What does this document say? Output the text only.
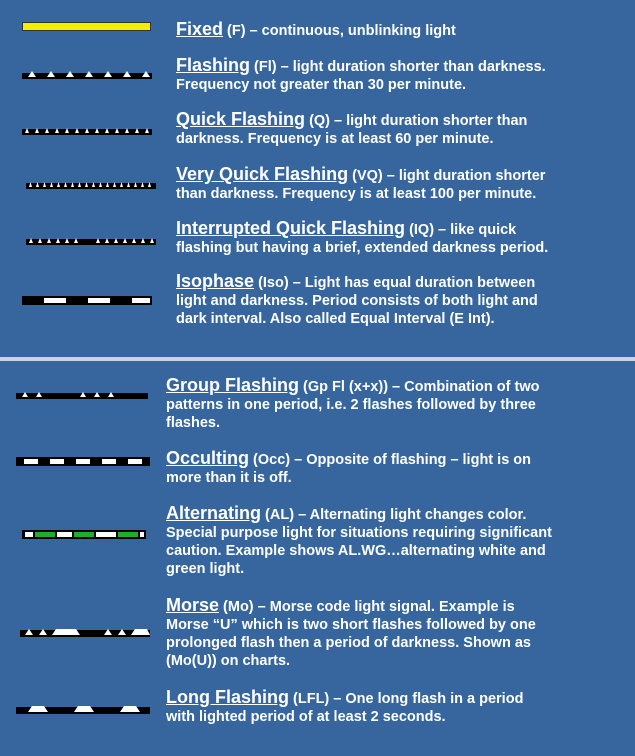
Fixed (F) – continuous, unblinking light
Flashing (Fl) – light duration shorter than darkness.
Frequency not greater than 30 per minute.
Quick Flashing (Q) – light duration shorter than
darkness. Frequency is at least 60 per minute.
Very Quick Flashing (VQ) – light duration shorter
than darkness. Frequency is at least 100 per minute.
Interrupted Quick Flashing (IQ) – like quick
flashing but having a brief, extended darkness period.
Isophase (Iso) – Light has equal duration between
light and darkness. Period consists of both light and
dark interval. Also called Equal Interval (E Int).
Group Flashing (Gp Fl (x+x)) – Combination of two
patterns in one period, i.e. 2 flashes followed by three
flashes.
Occulting (Occ) – Opposite of flashing – light is on
more than it is off.
Alternating (AL) – Alternating light changes color.
Special purpose light for situations requiring significant
caution. Example shows AL.WG…alternating white and
green light.
Morse (Mo) – Morse code light signal. Example is
Morse “U” which is two short flashes followed by one
prolonged flash then a period of darkness. Shown as
(Mo(U)) on charts.
Long Flashing (LFL) – One long flash in a period
with lighted period of at least 2 seconds.
